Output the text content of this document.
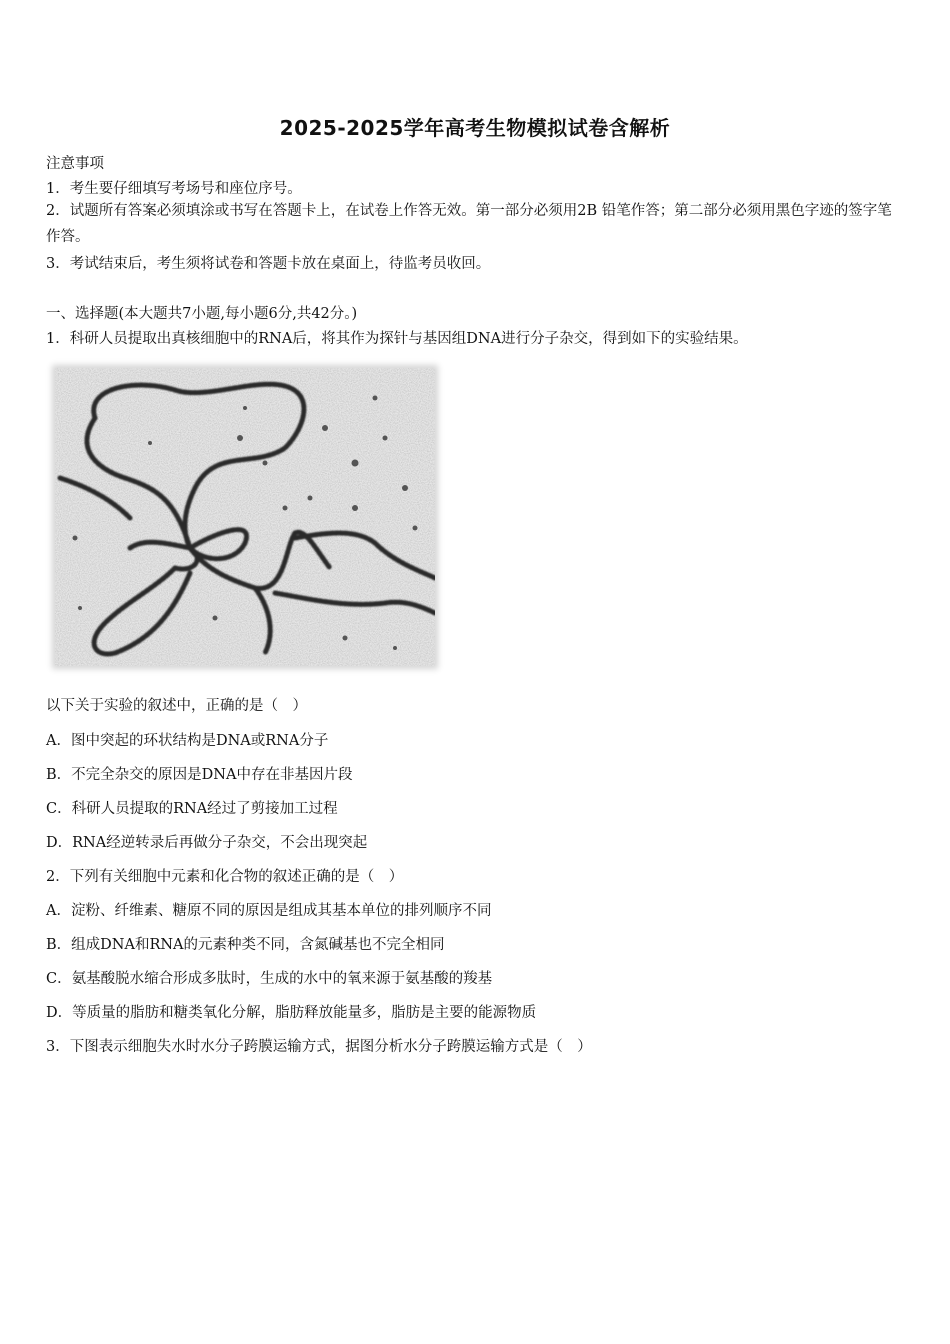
2025-2025学年高考生物模拟试卷含解析
注意事项
1．考生要仔细填写考场号和座位序号。
2．试题所有答案必须填涂或书写在答题卡上，在试卷上作答无效。第一部分必须用2B 铅笔作答；第二部分必须用黑色字迹的签字笔作答。
3．考试结束后，考生须将试卷和答题卡放在桌面上，待监考员收回。
一、选择题(本大题共7小题,每小题6分,共42分。)
1．科研人员提取出真核细胞中的RNA后，将其作为探针与基因组DNA进行分子杂交，得到如下的实验结果。
以下关于实验的叙述中，正确的是（　）
A．图中突起的环状结构是DNA或RNA分子
B．不完全杂交的原因是DNA中存在非基因片段
C．科研人员提取的RNA经过了剪接加工过程
D．RNA经逆转录后再做分子杂交，不会出现突起
2．下列有关细胞中元素和化合物的叙述正确的是（　）
A．淀粉、纤维素、糖原不同的原因是组成其基本单位的排列顺序不同
B．组成DNA和RNA的元素种类不同，含氮碱基也不完全相同
C．氨基酸脱水缩合形成多肽时，生成的水中的氧来源于氨基酸的羧基
D．等质量的脂肪和糖类氧化分解，脂肪释放能量多，脂肪是主要的能源物质
3．下图表示细胞失水时水分子跨膜运输方式，据图分析水分子跨膜运输方式是（　）
